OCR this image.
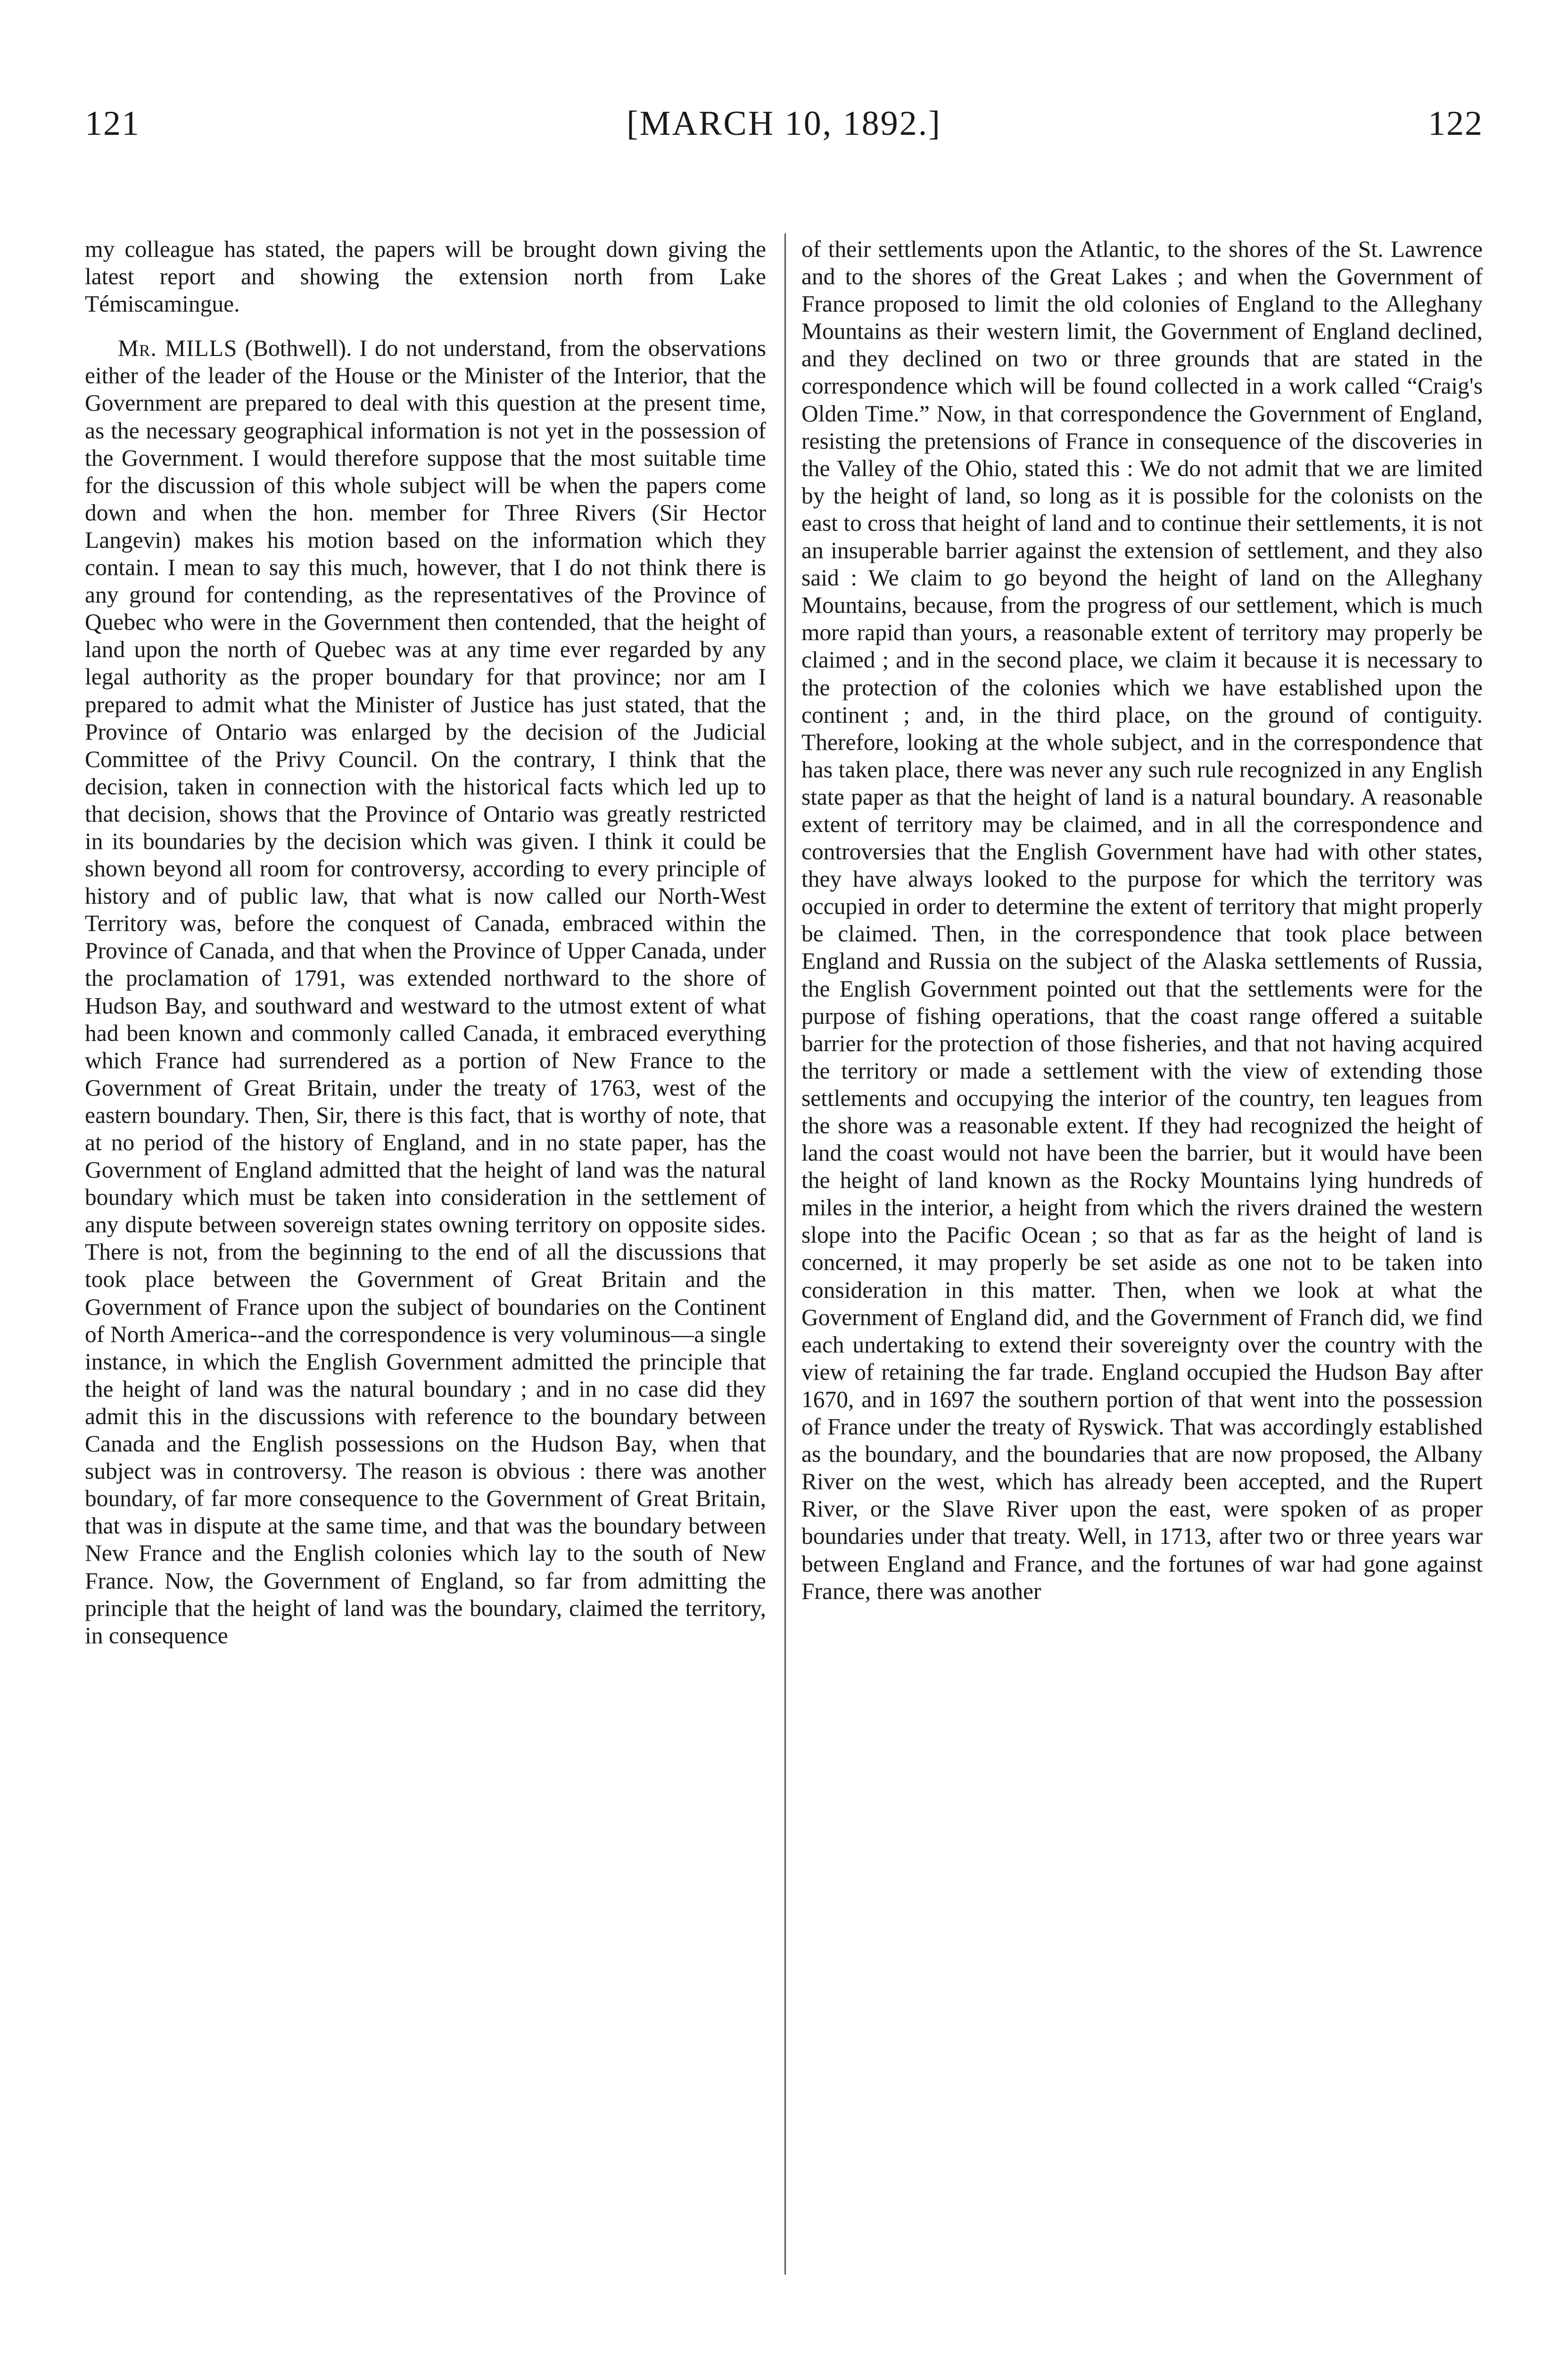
121	[MARCH 10, 1892.]	122

my colleague has stated, the papers will be brought down giving the latest report and showing the extension north from Lake Témiscamingue.

Mr. MILLS (Bothwell). I do not understand, from the observations either of the leader of the House or the Minister of the Interior, that the Government are prepared to deal with this question at the present time, as the necessary geographical information is not yet in the possession of the Government. I would therefore suppose that the most suitable time for the discussion of this whole subject will be when the papers come down and when the hon. member for Three Rivers (Sir Hector Langevin) makes his motion based on the information which they contain. I mean to say this much, however, that I do not think there is any ground for contending, as the representatives of the Province of Quebec who were in the Government then contended, that the height of land upon the north of Quebec was at any time ever regarded by any legal authority as the proper boundary for that province; nor am I prepared to admit what the Minister of Justice has just stated, that the Province of Ontario was enlarged by the decision of the Judicial Committee of the Privy Council. On the contrary, I think that the decision, taken in connection with the historical facts which led up to that decision, shows that the Province of Ontario was greatly restricted in its boundaries by the decision which was given. I think it could be shown beyond all room for controversy, according to every principle of history and of public law, that what is now called our North-West Territory was, before the conquest of Canada, embraced within the Province of Canada, and that when the Province of Upper Canada, under the proclamation of 1791, was extended northward to the shore of Hudson Bay, and southward and westward to the utmost extent of what had been known and commonly called Canada, it embraced everything which France had surrendered as a portion of New France to the Government of Great Britain, under the treaty of 1763, west of the eastern boundary. Then, Sir, there is this fact, that is worthy of note, that at no period of the history of England, and in no state paper, has the Government of England admitted that the height of land was the natural boundary which must be taken into consideration in the settlement of any dispute between sovereign states owning territory on opposite sides. There is not, from the beginning to the end of all the discussions that took place between the Government of Great Britain and the Government of France upon the subject of boundaries on the Continent of North America--and the correspondence is very voluminous—a single instance, in which the English Government admitted the principle that the height of land was the natural boundary ; and in no case did they admit this in the discussions with reference to the boundary between Canada and the English possessions on the Hudson Bay, when that subject was in controversy. The reason is obvious : there was another boundary, of far more consequence to the Government of Great Britain, that was in dispute at the same time, and that was the boundary between New France and the English colonies which lay to the south of New France. Now, the Government of England, so far from admitting the principle that the height of land was the boundary, claimed the territory, in consequence

of their settlements upon the Atlantic, to the shores of the St. Lawrence and to the shores of the Great Lakes ; and when the Government of France proposed to limit the old colonies of England to the Alleghany Mountains as their western limit, the Government of England declined, and they declined on two or three grounds that are stated in the correspondence which will be found collected in a work called “Craig's Olden Time.” Now, in that correspondence the Government of England, resisting the pretensions of France in consequence of the discoveries in the Valley of the Ohio, stated this : We do not admit that we are limited by the height of land, so long as it is possible for the colonists on the east to cross that height of land and to continue their settlements, it is not an insuperable barrier against the extension of settlement, and they also said : We claim to go beyond the height of land on the Alleghany Mountains, because, from the progress of our settlement, which is much more rapid than yours, a reasonable extent of territory may properly be claimed ; and in the second place, we claim it because it is necessary to the protection of the colonies which we have established upon the continent ; and, in the third place, on the ground of contiguity. Therefore, looking at the whole subject, and in the correspondence that has taken place, there was never any such rule recognized in any English state paper as that the height of land is a natural boundary. A reasonable extent of territory may be claimed, and in all the correspondence and controversies that the English Government have had with other states, they have always looked to the purpose for which the territory was occupied in order to determine the extent of territory that might properly be claimed. Then, in the correspondence that took place between England and Russia on the subject of the Alaska settlements of Russia, the English Government pointed out that the settlements were for the purpose of fishing operations, that the coast range offered a suitable barrier for the protection of those fisheries, and that not having acquired the territory or made a settlement with the view of extending those settlements and occupying the interior of the country, ten leagues from the shore was a reasonable extent. If they had recognized the height of land the coast would not have been the barrier, but it would have been the height of land known as the Rocky Mountains lying hundreds of miles in the interior, a height from which the rivers drained the western slope into the Pacific Ocean ; so that as far as the height of land is concerned, it may properly be set aside as one not to be taken into consideration in this matter. Then, when we look at what the Government of England did, and the Government of Franch did, we find each undertaking to extend their sovereignty over the country with the view of retaining the far trade. England occupied the Hudson Bay after 1670, and in 1697 the southern portion of that went into the possession of France under the treaty of Ryswick. That was accordingly established as the boundary, and the boundaries that are now proposed, the Albany River on the west, which has already been accepted, and the Rupert River, or the Slave River upon the east, were spoken of as proper boundaries under that treaty. Well, in 1713, after two or three years war between England and France, and the fortunes of war had gone against France, there was another
